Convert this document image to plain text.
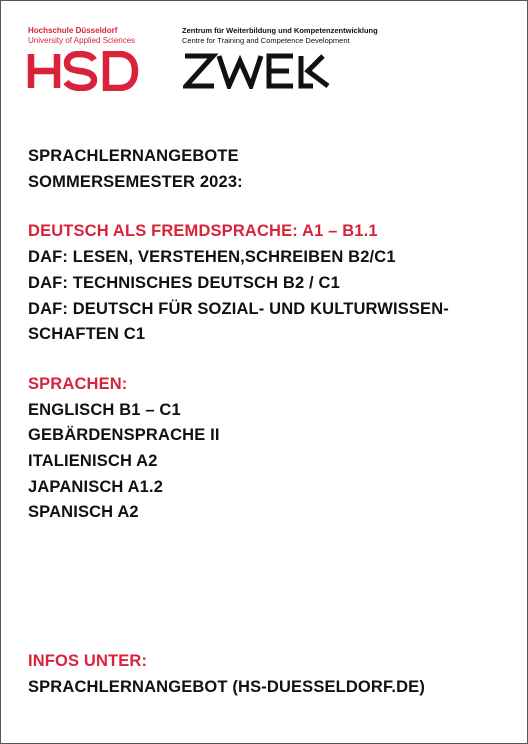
Hochschule Düsseldorf
University of Applied Sciences
Zentrum für Weiterbildung und Kompetenzentwicklung
Centre for Training and Competence Development
SPRACHLERNANGEBOTE
SOMMERSEMESTER 2023:
DEUTSCH ALS FREMDSPRACHE: A1 – B1.1
DAF: LESEN, VERSTEHEN,SCHREIBEN B2/C1
DAF: TECHNISCHES DEUTSCH B2 / C1
DAF: DEUTSCH FÜR SOZIAL- UND KULTURWISSEN-
SCHAFTEN C1
SPRACHEN:
ENGLISCH B1 – C1
GEBÄRDENSPRACHE II
ITALIENISCH A2
JAPANISCH A1.2
SPANISCH A2
INFOS UNTER:
SPRACHLERNANGEBOT (HS-DUESSELDORF.DE)
